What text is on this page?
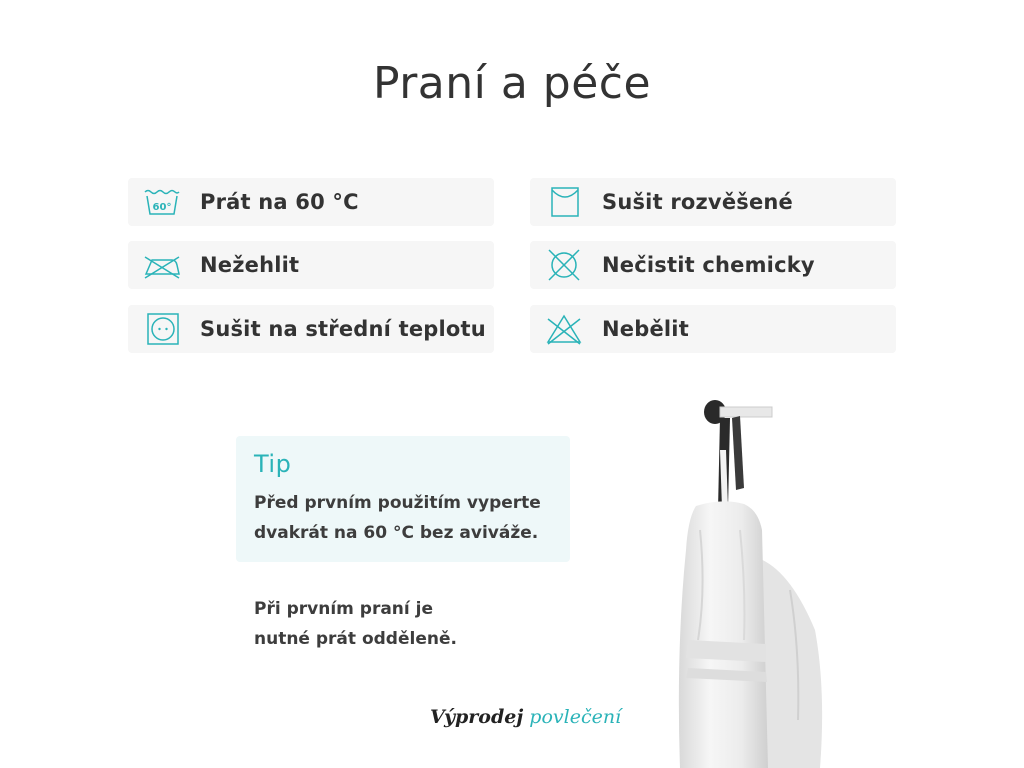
Praní a péče
60° Prát na 60 °C
Nežehlit
Sušit na střední teplotu
Sušit rozvěšené
Nečistit chemicky
Nebělit
Tip
Před prvním použitím vyperte
dvakrát na 60 °C bez aviváže.
Při prvním praní je
nutné prát odděleně.
Výprodej povlečení
